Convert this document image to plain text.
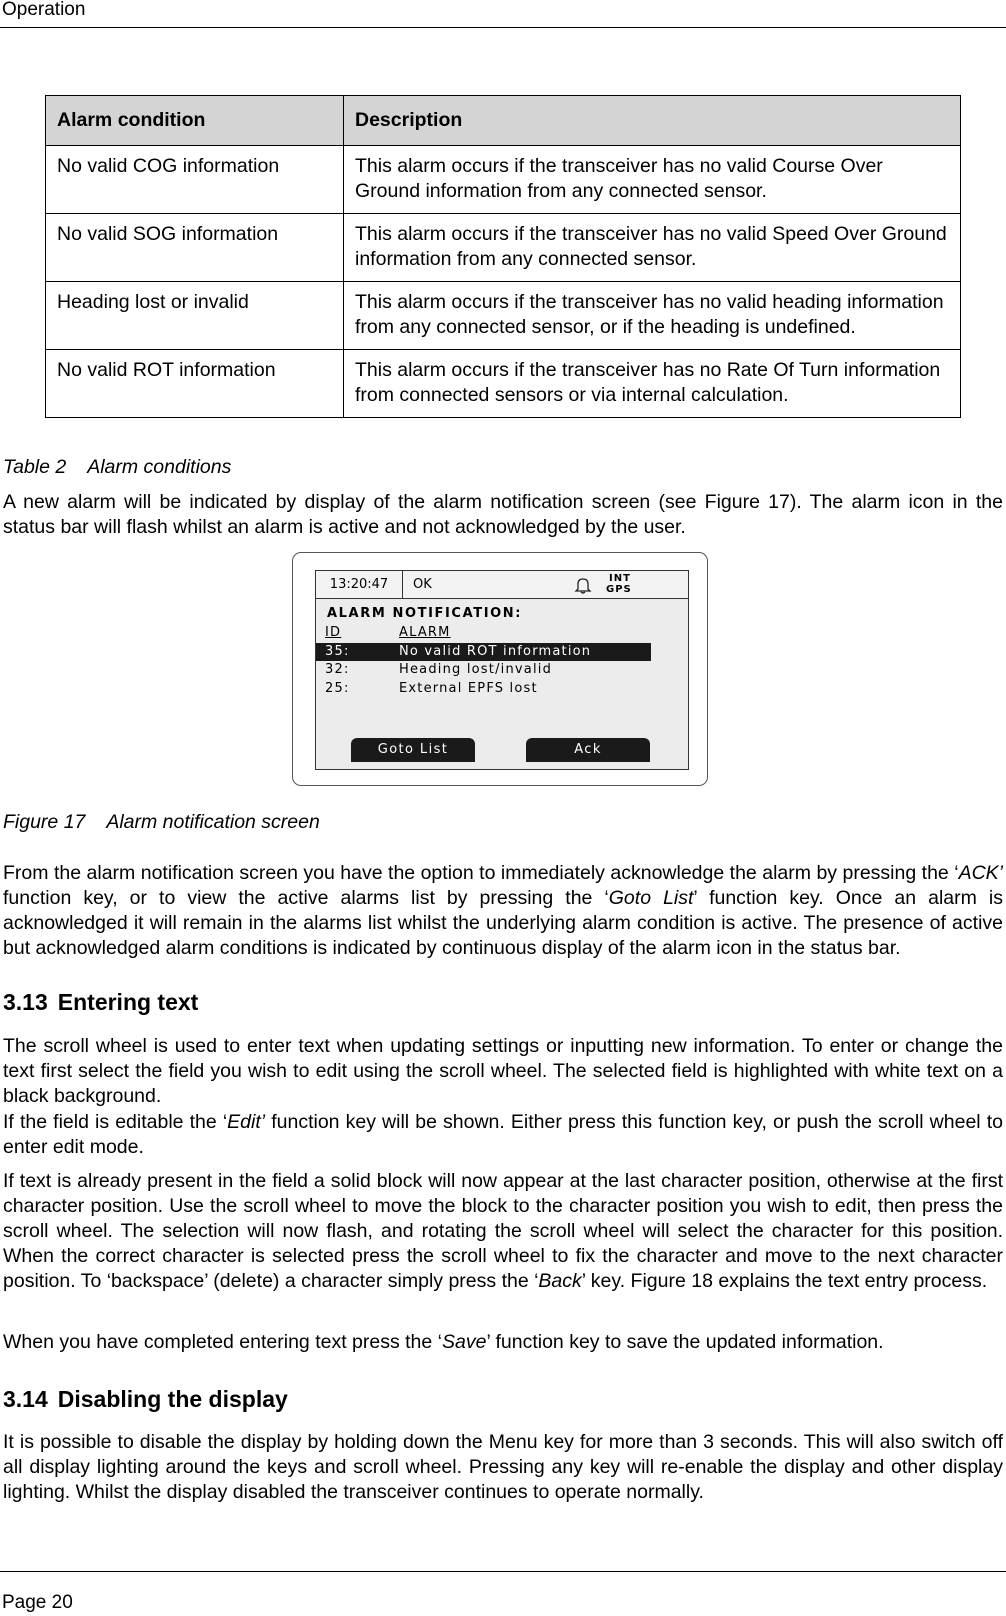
Operation
Alarm condition	Description
No valid COG information	This alarm occurs if the transceiver has no valid Course Over Ground information from any connected sensor.
No valid SOG information	This alarm occurs if the transceiver has no valid Speed Over Ground information from any connected sensor.
Heading lost or invalid	This alarm occurs if the transceiver has no valid heading information from any connected sensor, or if the heading is undefined.
No valid ROT information	This alarm occurs if the transceiver has no Rate Of Turn information from connected sensors or via internal calculation.
Table 2    Alarm conditions

A new alarm will be indicated by display of the alarm notification screen (see Figure 17). The alarm icon in the status bar will flash whilst an alarm is active and not acknowledged by the user.

13:20:47	OK	INT
GPS
ALARM NOTIFICATION:
ID	ALARM
35:	No valid ROT information
32:	Heading lost/invalid
25:	External EPFS lost
Goto List	Ack
Figure 17    Alarm notification screen

From the alarm notification screen you have the option to immediately acknowledge the alarm by pressing the ‘ACK’ function key, or to view the active alarms list by pressing the ‘Goto List’ function key. Once an alarm is acknowledged it will remain in the alarms list whilst the underlying alarm condition is active. The presence of active but acknowledged alarm conditions is indicated by continuous display of the alarm icon in the status bar.

3.13 Entering text

The scroll wheel is used to enter text when updating settings or inputting new information. To enter or change the text first select the field you wish to edit using the scroll wheel. The selected field is highlighted with white text on a black background.

If the field is editable the ‘Edit’ function key will be shown. Either press this function key, or push the scroll wheel to enter edit mode.

If text is already present in the field a solid block will now appear at the last character position, otherwise at the first character position. Use the scroll wheel to move the block to the character position you wish to edit, then press the scroll wheel. The selection will now flash, and rotating the scroll wheel will select the character for this position. When the correct character is selected press the scroll wheel to fix the character and move to the next character position. To ‘backspace’ (delete) a character simply press the ‘Back’ key. Figure 18 explains the text entry process.

When you have completed entering text press the ‘Save’ function key to save the updated information.

3.14 Disabling the display

It is possible to disable the display by holding down the Menu key for more than 3 seconds. This will also switch off all display lighting around the keys and scroll wheel. Pressing any key will re-enable the display and other display lighting. Whilst the display disabled the transceiver continues to operate normally.

Page 20
